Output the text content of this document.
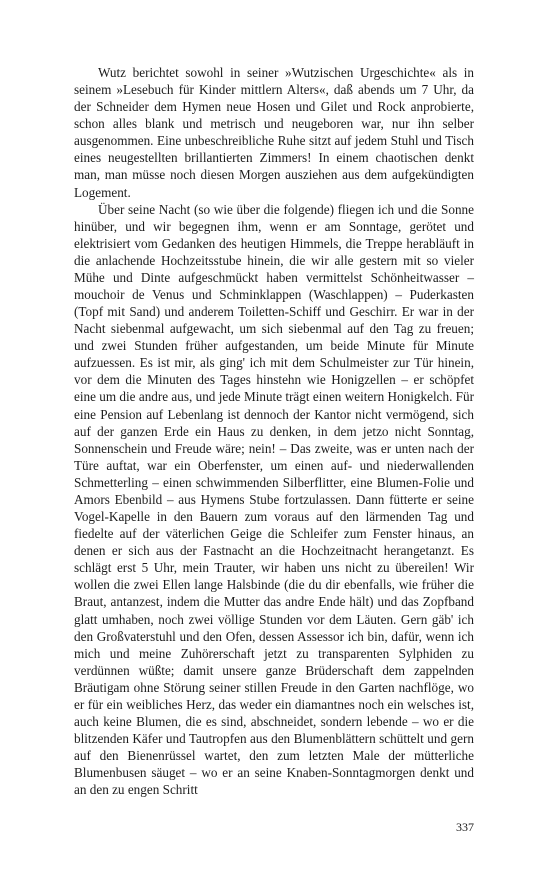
Wutz berichtet sowohl in seiner »Wutzischen Urgeschichte« als in seinem »Lesebuch für Kinder mittlern Alters«, daß abends um 7 Uhr, da der Schneider dem Hymen neue Hosen und Gilet und Rock anprobierte, schon alles blank und metrisch und neugeboren war, nur ihn selber ausgenommen. Eine unbeschreibliche Ruhe sitzt auf jedem Stuhl und Tisch eines neugestellten brillantierten Zimmers! In einem chaotischen denkt man, man müsse noch diesen Morgen ausziehen aus dem aufgekündigten Logement.

Über seine Nacht (so wie über die folgende) fliegen ich und die Sonne hinüber, und wir begegnen ihm, wenn er am Sonntage, gerötet und elektrisiert vom Gedanken des heutigen Himmels, die Treppe herabläuft in die anlachende Hochzeitsstube hinein, die wir alle gestern mit so vieler Mühe und Dinte aufgeschmückt haben vermittelst Schönheitwasser – mouchoir de Venus und Schminklappen (Waschlappen) – Puderkasten (Topf mit Sand) und anderem Toiletten-Schiff und Geschirr. Er war in der Nacht siebenmal aufgewacht, um sich siebenmal auf den Tag zu freuen; und zwei Stunden früher aufgestanden, um beide Minute für Minute aufzuessen. Es ist mir, als ging' ich mit dem Schulmeister zur Tür hinein, vor dem die Minuten des Tages hinstehn wie Honigzellen – er schöpfet eine um die andre aus, und jede Minute trägt einen weitern Honigkelch. Für eine Pension auf Lebenlang ist dennoch der Kantor nicht vermögend, sich auf der ganzen Erde ein Haus zu denken, in dem jetzo nicht Sonntag, Sonnenschein und Freude wäre; nein! – Das zweite, was er unten nach der Türe auftat, war ein Oberfenster, um einen auf- und niederwallenden Schmetterling – einen schwimmenden Silberflitter, eine Blumen-Folie und Amors Ebenbild – aus Hymens Stube fortzulassen. Dann fütterte er seine Vogel-Kapelle in den Bauern zum voraus auf den lärmenden Tag und fiedelte auf der väterlichen Geige die Schleifer zum Fenster hinaus, an denen er sich aus der Fastnacht an die Hochzeitnacht herangetanzt. Es schlägt erst 5 Uhr, mein Trauter, wir haben uns nicht zu übereilen! Wir wollen die zwei Ellen lange Halsbinde (die du dir ebenfalls, wie früher die Braut, antanzest, indem die Mutter das andre Ende hält) und das Zopfband glatt umhaben, noch zwei völlige Stunden vor dem Läuten. Gern gäb' ich den Großvaterstuhl und den Ofen, dessen Assessor ich bin, dafür, wenn ich mich und meine Zuhörerschaft jetzt zu transparenten Sylphiden zu verdünnen wüßte; damit unsere ganze Brüderschaft dem zappelnden Bräutigam ohne Störung seiner stillen Freude in den Garten nachflöge, wo er für ein weibliches Herz, das weder ein diamantnes noch ein welsches ist, auch keine Blumen, die es sind, abschneidet, sondern lebende – wo er die blitzenden Käfer und Tautropfen aus den Blumenblättern schüttelt und gern auf den Bienenrüssel wartet, den zum letzten Male der mütterliche Blumenbusen säuget – wo er an seine Knaben-Sonntagmorgen denkt und an den zu engen Schritt

337
